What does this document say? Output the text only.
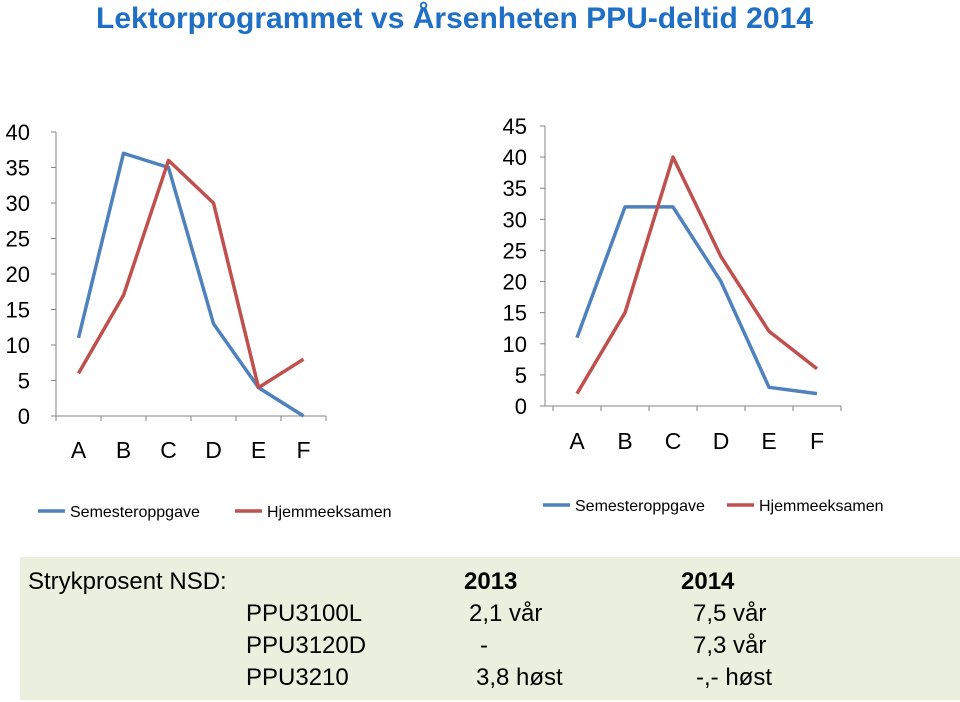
Lektorprogrammet vs Årsenheten PPU-deltid 2014
0
5
10
15
20
25
30
35
40
A B C D E F
Semesteroppgave	Hjemmeeksamen
0
5
10
15
20
25
30
35
40
45
A B C D E F
Semesteroppgave	Hjemmeeksamen
Strykprosent NSD:	2013	2014
PPU3100L	2,1 vår	7,5 vår
PPU3120D	-	7,3 vår
PPU3210	3,8 høst	-,- høst
